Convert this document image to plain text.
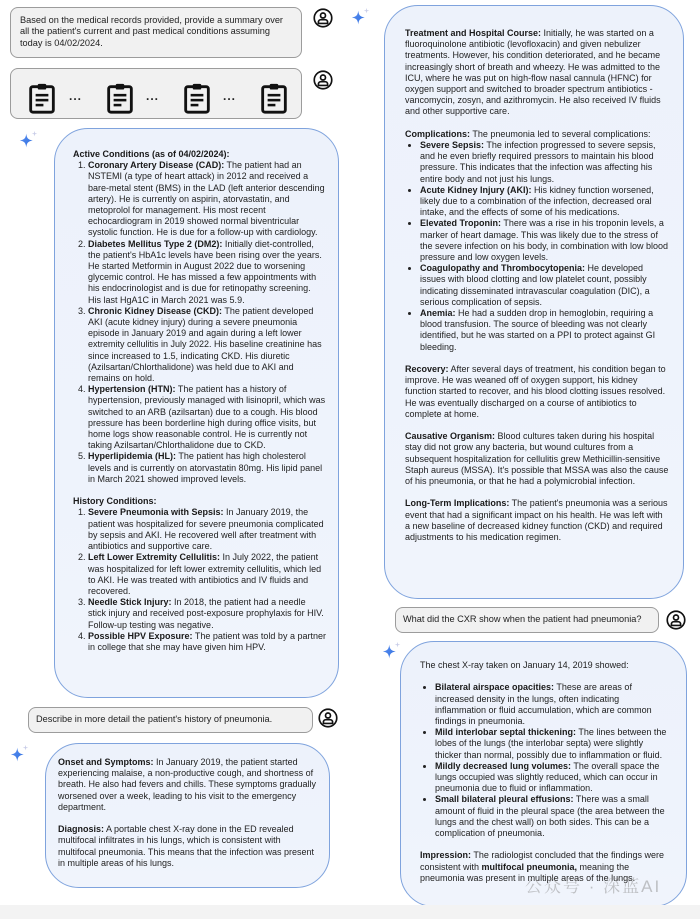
Based on the medical records provided, provide a summary over all the patient's current and past medical conditions assuming today is 04/02/2024.
...	...	...

Active Conditions (as of 04/02/2024):

1. Coronary Artery Disease (CAD): The patient had an NSTEMI (a type of heart attack) in 2012 and received a bare-metal stent (BMS) in the LAD (left anterior descending artery). He is currently on aspirin, atorvastatin, and metoprolol for management. His most recent echocardiogram in 2019 showed normal biventricular systolic function. He is due for a follow-up with cardiology.
2. Diabetes Mellitus Type 2 (DM2): Initially diet-controlled, the patient's HbA1c levels have been rising over the years. He started Metformin in August 2022 due to worsening glycemic control. He has missed a few appointments with his endocrinologist and is due for retinopathy screening. His last HgA1C in March 2021 was 5.9.
3. Chronic Kidney Disease (CKD): The patient developed AKI (acute kidney injury) during a severe pneumonia episode in January 2019 and again during a left lower extremity cellulitis in July 2022. His baseline creatinine has since increased to 1.5, indicating CKD. His diuretic (Azilsartan/Chlorthalidone) was held due to AKI and remains on hold.
4. Hypertension (HTN): The patient has a history of hypertension, previously managed with lisinopril, which was switched to an ARB (azilsartan) due to a cough. His blood pressure has been borderline high during office visits, but home logs show reasonable control. He is currently not taking Azilsartan/Chlorthalidone due to CKD.
5. Hyperlipidemia (HL): The patient has high cholesterol levels and is currently on atorvastatin 80mg. His lipid panel in March 2021 showed improved levels.

History Conditions:

1. Severe Pneumonia with Sepsis: In January 2019, the patient was hospitalized for severe pneumonia complicated by sepsis and AKI. He recovered well after treatment with antibiotics and supportive care.
2. Left Lower Extremity Cellulitis: In July 2022, the patient was hospitalized for left lower extremity cellulitis, which led to AKI. He was treated with antibiotics and IV fluids and recovered.
3. Needle Stick Injury: In 2018, the patient had a needle stick injury and received post-exposure prophylaxis for HIV. Follow-up testing was negative.
4. Possible HPV Exposure: The patient was told by a partner in college that she may have given him HPV.
Describe in more detail the patient's history of pneumonia.

Onset and Symptoms: In January 2019, the patient started experiencing malaise, a non-productive cough, and shortness of breath. He also had fevers and chills. These symptoms gradually worsened over a week, leading to his visit to the emergency department.

Diagnosis: A portable chest X-ray done in the ED revealed multifocal infiltrates in his lungs, which is consistent with multifocal pneumonia. This means that the infection was present in multiple areas of his lungs.

Treatment and Hospital Course: Initially, he was started on a fluoroquinolone antibiotic (levofloxacin) and given nebulizer treatments. However, his condition deteriorated, and he became increasingly short of breath and wheezy. He was admitted to the ICU, where he was put on high-flow nasal cannula (HFNC) for oxygen support and switched to broader spectrum antibiotics - vancomycin, zosyn, and azithromycin. He also received IV fluids and other supportive care.

Complications: The pneumonia led to several complications:

• Severe Sepsis: The infection progressed to severe sepsis, and he even briefly required pressors to maintain his blood pressure. This indicates that the infection was affecting his entire body and not just his lungs.
• Acute Kidney Injury (AKI): His kidney function worsened, likely due to a combination of the infection, decreased oral intake, and the effects of some of his medications.
• Elevated Troponin: There was a rise in his troponin levels, a marker of heart damage. This was likely due to the stress of the severe infection on his body, in combination with low blood pressure and low oxygen levels.
• Coagulopathy and Thrombocytopenia: He developed issues with blood clotting and low platelet count, possibly indicating disseminated intravascular coagulation (DIC), a serious complication of sepsis.
• Anemia: He had a sudden drop in hemoglobin, requiring a blood transfusion. The source of bleeding was not clearly identified, but he was started on a PPI to protect against GI bleeding.

Recovery: After several days of treatment, his condition began to improve. He was weaned off of oxygen support, his kidney function started to recover, and his blood clotting issues resolved. He was eventually discharged on a course of antibiotics to complete at home.

Causative Organism: Blood cultures taken during his hospital stay did not grow any bacteria, but wound cultures from a subsequent hospitalization for cellulitis grew Methicillin-sensitive Staph aureus (MSSA). It's possible that MSSA was also the cause of his pneumonia, or that he had a polymicrobial infection.

Long-Term Implications: The patient's pneumonia was a serious event that had a significant impact on his health. He was left with a new baseline of decreased kidney function (CKD) and required adjustments to his medication regimen.

What did the CXR show when the patient had pneumonia?

The chest X-ray taken on January 14, 2019 showed:

• Bilateral airspace opacities: These are areas of increased density in the lungs, often indicating inflammation or fluid accumulation, which are common findings in pneumonia.
• Mild interlobar septal thickening: The lines between the lobes of the lungs (the interlobar septa) were slightly thicker than normal, possibly due to inflammation or fluid.
• Mildly decreased lung volumes: The overall space the lungs occupied was slightly reduced, which can occur in pneumonia due to fluid or inflammation.
• Small bilateral pleural effusions: There was a small amount of fluid in the pleural space (the area between the lungs and the chest wall) on both sides. This can be a complication of pneumonia.

Impression: The radiologist concluded that the findings were consistent with multifocal pneumonia, meaning the pneumonia was present in multiple areas of the lungs.

公众号 · 深蓝AI
